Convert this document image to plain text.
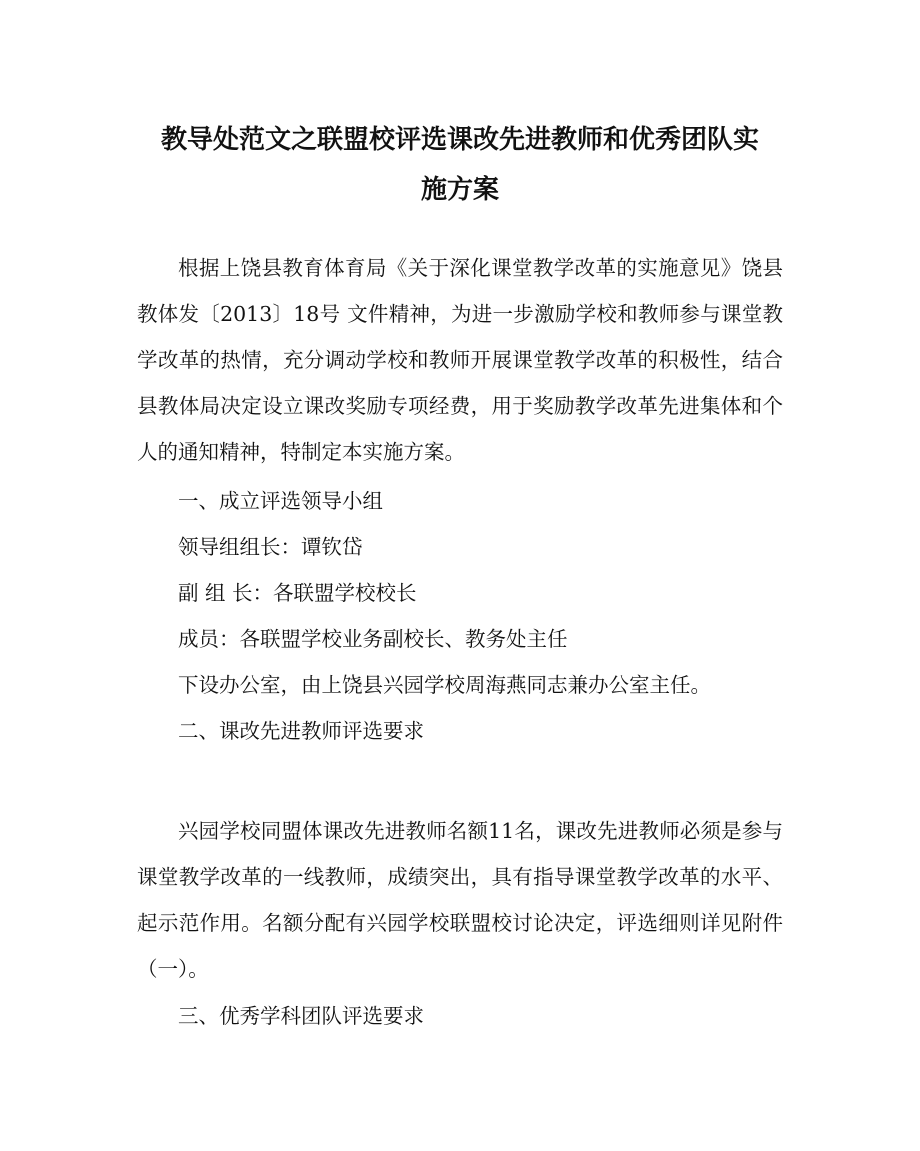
教导处范文之联盟校评选课改先进教师和优秀团队实
施方案

根据上饶县教育体育局《关于深化课堂教学改革的实施意见》饶县教体发〔2013〕18号 文件精神，为进一步激励学校和教师参与课堂教学改革的热情，充分调动学校和教师开展课堂教学改革的积极性，结合县教体局决定设立课改奖励专项经费，用于奖励教学改革先进集体和个人的通知精神，特制定本实施方案。

一、成立评选领导小组

领导组组长：谭钦岱

副 组 长：各联盟学校校长

成员：各联盟学校业务副校长、教务处主任

下设办公室，由上饶县兴园学校周海燕同志兼办公室主任。

二、课改先进教师评选要求

兴园学校同盟体课改先进教师名额11名，课改先进教师必须是参与课堂教学改革的一线教师，成绩突出，具有指导课堂教学改革的水平、起示范作用。名额分配有兴园学校联盟校讨论决定，评选细则详见附件（一）。

三、优秀学科团队评选要求
